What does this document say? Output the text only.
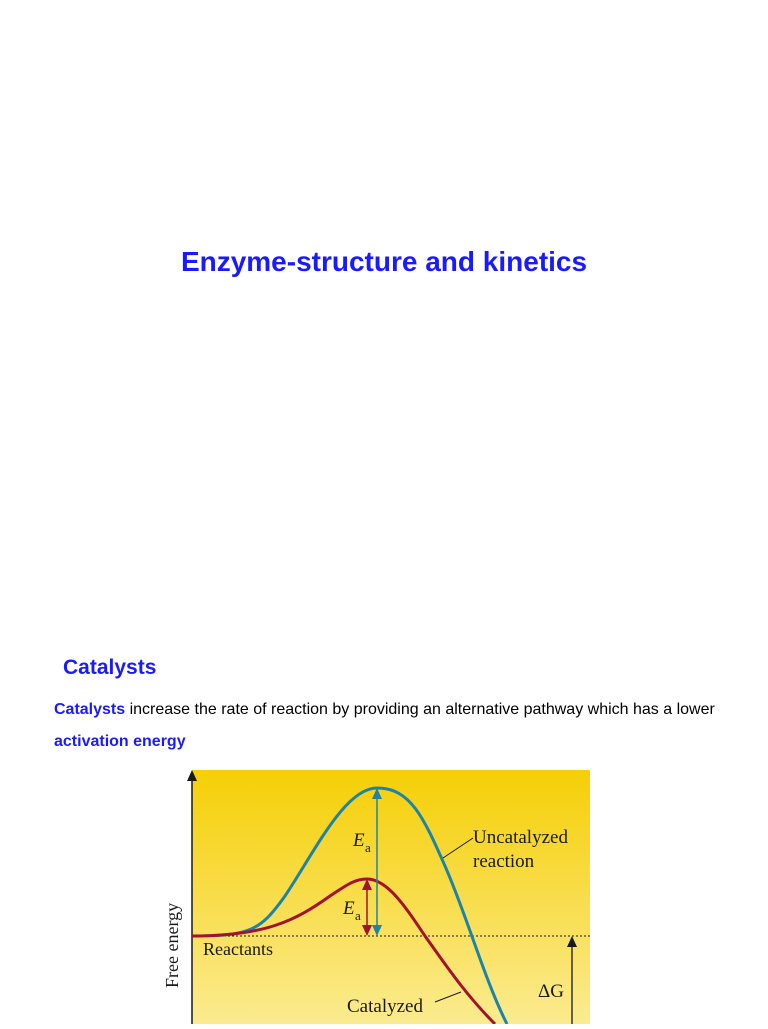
Enzyme-structure and kinetics
Catalysts

Catalysts increase the rate of reaction by providing an alternative pathway which has a lower activation energy

Free energy Reactants
E a
E a
Uncatalyzed
reaction
Catalyzed
ΔG
